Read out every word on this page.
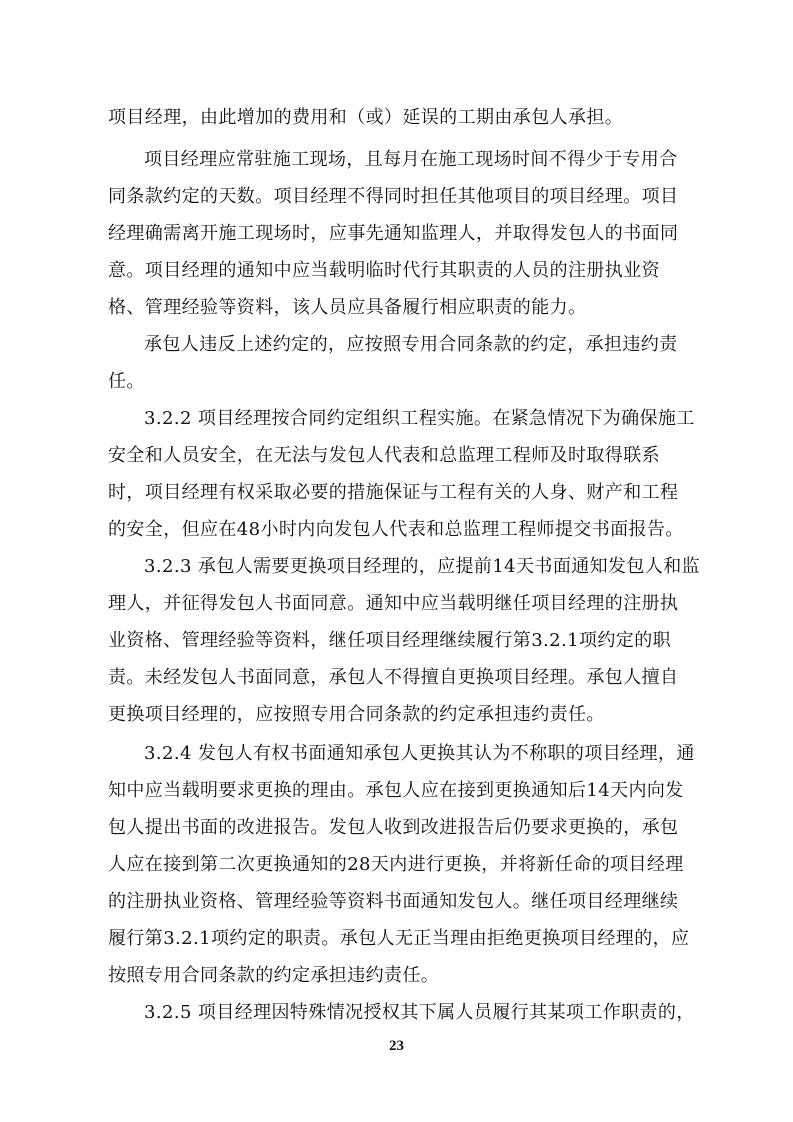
项目经理，由此增加的费用和（或）延误的工期由承包人承担。
项目经理应常驻施工现场，且每月在施工现场时间不得少于专用合
同条款约定的天数。项目经理不得同时担任其他项目的项目经理。项目
经理确需离开施工现场时，应事先通知监理人，并取得发包人的书面同
意。项目经理的通知中应当载明临时代行其职责的人员的注册执业资
格、管理经验等资料，该人员应具备履行相应职责的能力。
承包人违反上述约定的，应按照专用合同条款的约定，承担违约责
任。
3.2.2 项目经理按合同约定组织工程实施。在紧急情况下为确保施工
安全和人员安全，在无法与发包人代表和总监理工程师及时取得联系
时，项目经理有权采取必要的措施保证与工程有关的人身、财产和工程
的安全，但应在48小时内向发包人代表和总监理工程师提交书面报告。
3.2.3 承包人需要更换项目经理的，应提前14天书面通知发包人和监
理人，并征得发包人书面同意。通知中应当载明继任项目经理的注册执
业资格、管理经验等资料，继任项目经理继续履行第3.2.1项约定的职
责。未经发包人书面同意，承包人不得擅自更换项目经理。承包人擅自
更换项目经理的，应按照专用合同条款的约定承担违约责任。
3.2.4 发包人有权书面通知承包人更换其认为不称职的项目经理，通
知中应当载明要求更换的理由。承包人应在接到更换通知后14天内向发
包人提出书面的改进报告。发包人收到改进报告后仍要求更换的，承包
人应在接到第二次更换通知的28天内进行更换，并将新任命的项目经理
的注册执业资格、管理经验等资料书面通知发包人。继任项目经理继续
履行第3.2.1项约定的职责。承包人无正当理由拒绝更换项目经理的，应
按照专用合同条款的约定承担违约责任。
3.2.5 项目经理因特殊情况授权其下属人员履行其某项工作职责的，
23
